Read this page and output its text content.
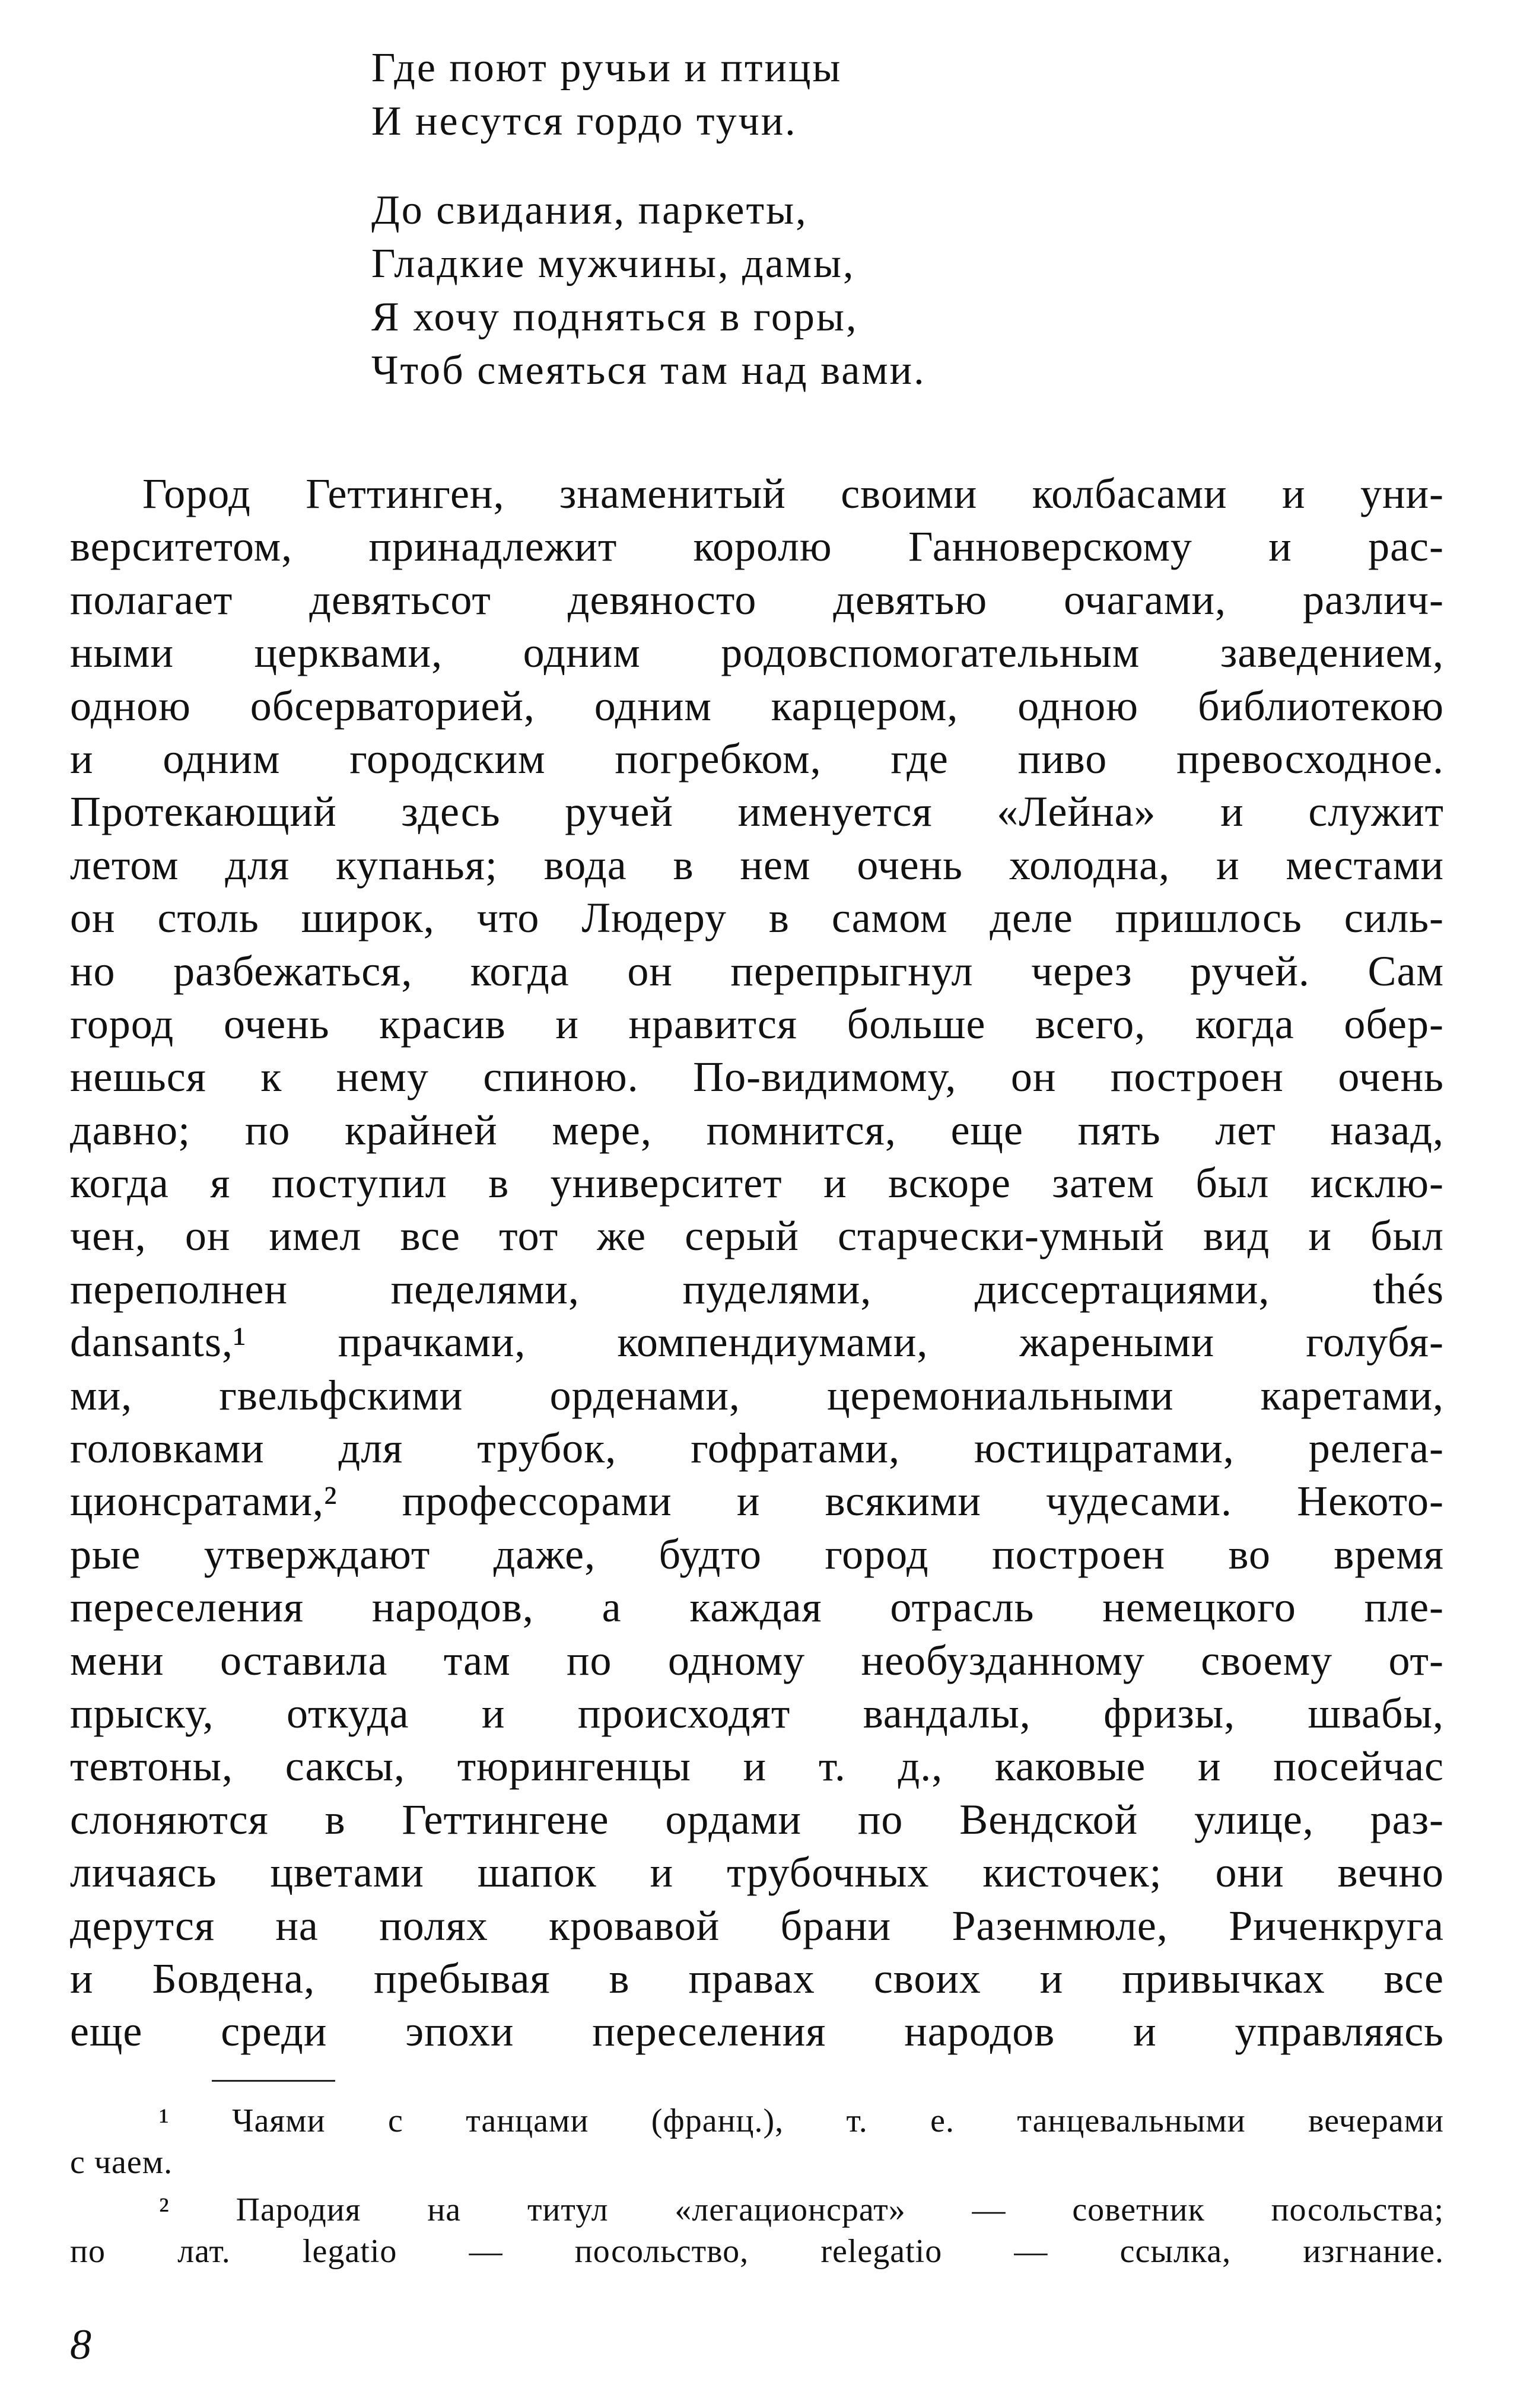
Где поют ручьи и птицы
И несутся гордо тучи.
До свидания, паркеты,
Гладкие мужчины, дамы,
Я хочу подняться в горы,
Чтоб смеяться там над вами.
Город Геттинген, знаменитый своими колбасами и уни-
верситетом, принадлежит королю Ганноверскому и рас-
полагает девятьсот девяносто девятью очагами, различ-
ными церквами, одним родовспомогательным заведением,
одною обсерваторией, одним карцером, одною библиотекою
и одним городским погребком, где пиво превосходное.
Протекающий здесь ручей именуется «Лейна» и служит
летом для купанья; вода в нем очень холодна, и местами
он столь широк, что Людеру в самом деле пришлось силь-
но разбежаться, когда он перепрыгнул через ручей. Сам
город очень красив и нравится больше всего, когда обер-
нешься к нему спиною. По-видимому, он построен очень
давно; по крайней мере, помнится, еще пять лет назад,
когда я поступил в университет и вскоре затем был исклю-
чен, он имел все тот же серый старчески-умный вид и был
переполнен педелями, пуделями, диссертациями, thés
dansants,¹ прачками, компендиумами, жареными голубя-
ми, гвельфскими орденами, церемониальными каретами,
головками для трубок, гофратами, юстицратами, релега-
ционсратами,² профессорами и всякими чудесами. Некото-
рые утверждают даже, будто город построен во время
переселения народов, а каждая отрасль немецкого пле-
мени оставила там по одному необузданному своему от-
прыску, откуда и происходят вандалы, фризы, швабы,
тевтоны, саксы, тюрингенцы и т. д., каковые и посейчас
слоняются в Геттингене ордами по Вендской улице, раз-
личаясь цветами шапок и трубочных кисточек; они вечно
дерутся на полях кровавой брани Разенмюле, Риченкруга
и Бовдена, пребывая в правах своих и привычках все
еще среди эпохи переселения народов и управляясь
¹ Чаями с танцами (франц.), т. е. танцевальными вечерами
с чаем.
² Пародия на титул «легационсрат» — советник посольства;
по лат. legatio — посольство, relegatio — ссылка, изгнание.
8
